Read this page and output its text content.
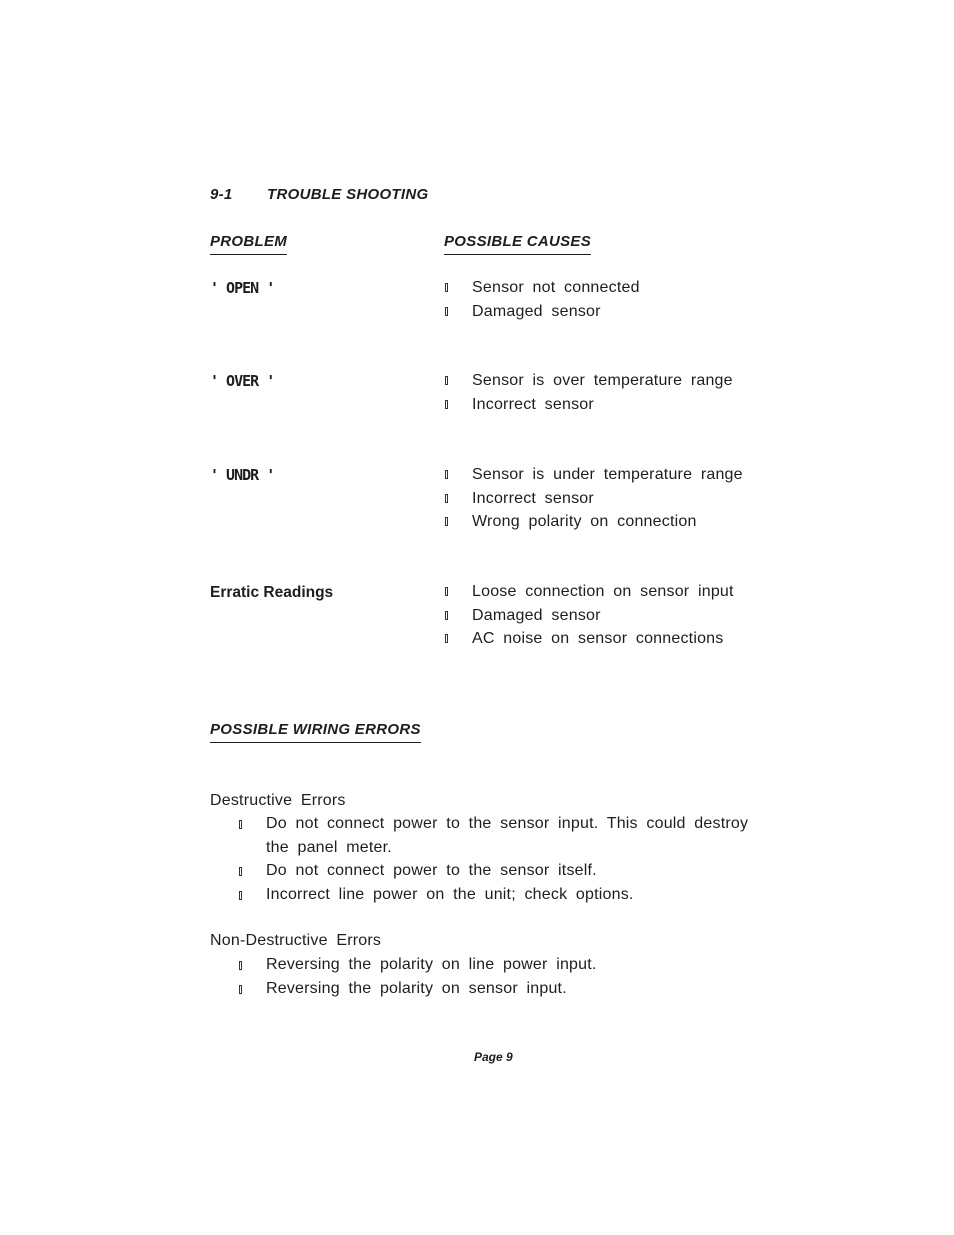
9-1 TROUBLE SHOOTING
PROBLEM	POSSIBLE CAUSES
' OPEN '	Sensor not connected
Damaged sensor
' OVER '	Sensor is over temperature range
Incorrect sensor
' UNDR '	Sensor is under temperature range
Incorrect sensor
Wrong polarity on connection
Erratic Readings	Loose connection on sensor input
Damaged sensor
AC noise on sensor connections
POSSIBLE WIRING ERRORS
Destructive Errors
Do not connect power to the sensor input. This could destroy the panel meter.
Do not connect power to the sensor itself.
Incorrect line power on the unit; check options.
Non-Destructive Errors
Reversing the polarity on line power input.
Reversing the polarity on sensor input.
Page 9
